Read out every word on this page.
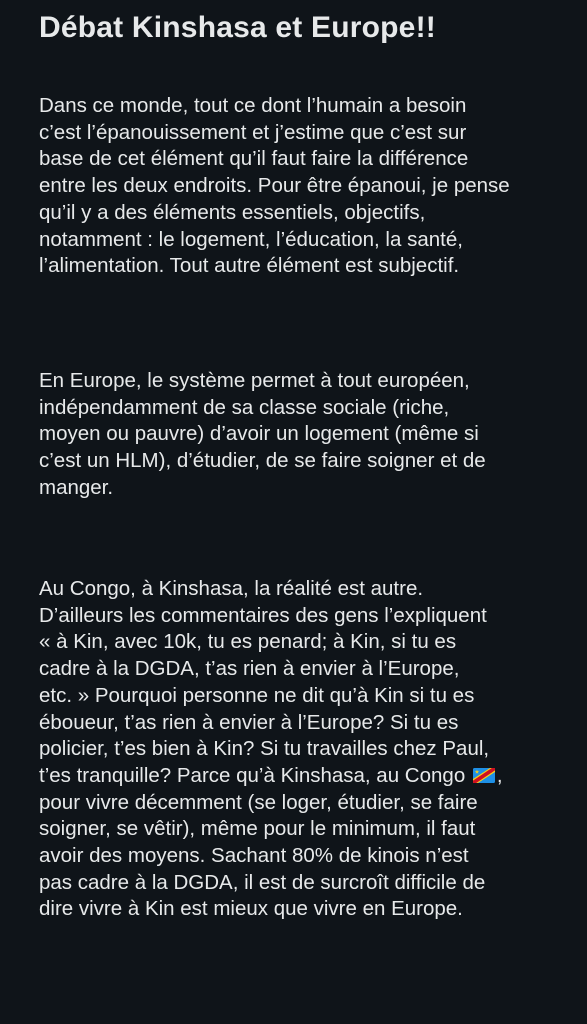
Débat Kinshasa et Europe!!

Dans ce monde, tout ce dont l’humain a besoin
c’est l’épanouissement et j’estime que c’est sur
base de cet élément qu’il faut faire la différence
entre les deux endroits. Pour être épanoui, je pense
qu’il y a des éléments essentiels, objectifs,
notamment : le logement, l’éducation, la santé,
l’alimentation. Tout autre élément est subjectif.

En Europe, le système permet à tout européen,
indépendamment de sa classe sociale (riche,
moyen ou pauvre) d’avoir un logement (même si
c’est un HLM), d’étudier, de se faire soigner et de
manger.

Au Congo, à Kinshasa, la réalité est autre.
D’ailleurs les commentaires des gens l’expliquent
« à Kin, avec 10k, tu es penard; à Kin, si tu es
cadre à la DGDA, t’as rien à envier à l’Europe,
etc. » Pourquoi personne ne dit qu’à Kin si tu es
éboueur, t’as rien à envier à l’Europe? Si tu es
policier, t’es bien à Kin? Si tu travailles chez Paul,
t’es tranquille? Parce qu’à Kinshasa, au Congo ,
pour vivre décemment (se loger, étudier, se faire
soigner, se vêtir), même pour le minimum, il faut
avoir des moyens. Sachant 80% de kinois n’est
pas cadre à la DGDA, il est de surcroît difficile de
dire vivre à Kin est mieux que vivre en Europe.
